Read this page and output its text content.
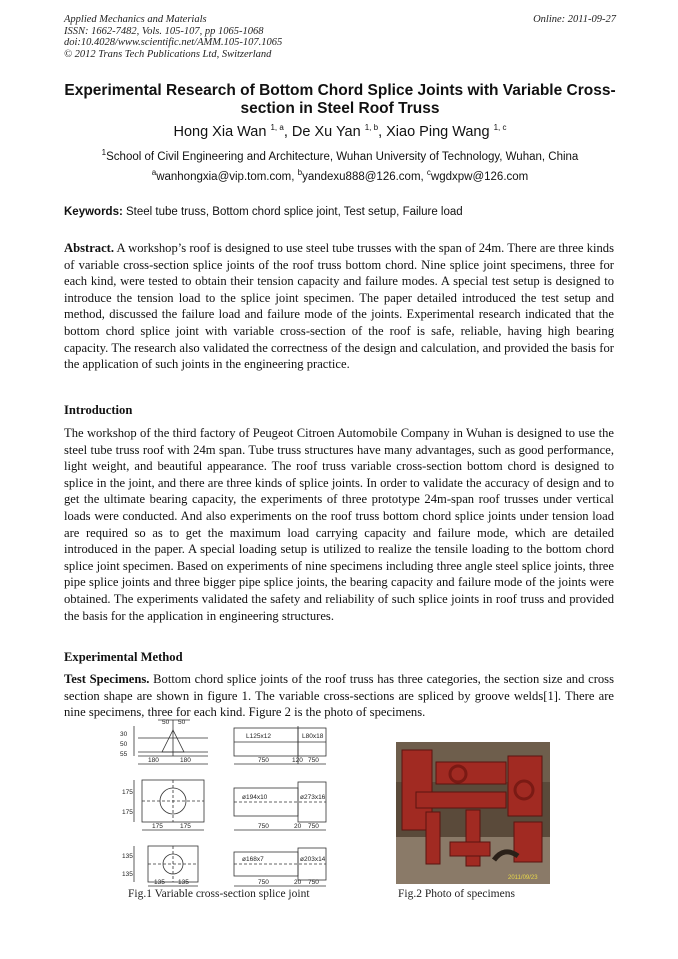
Applied Mechanics and Materials
ISSN: 1662-7482, Vols. 105-107, pp 1065-1068
doi:10.4028/www.scientific.net/AMM.105-107.1065
© 2012 Trans Tech Publications Ltd, Switzerland
Online: 2011-09-27
Experimental Research of Bottom Chord Splice Joints with Variable Cross-section in Steel Roof Truss
Hong Xia Wan $^{1, a}$, De Xu Yan $^{1, b}$, Xiao Ping Wang $^{1, c}$
$^1$School of Civil Engineering and Architecture, Wuhan University of Technology, Wuhan, China
$^a$wanhongxia@vip.tom.com, $^b$yandexu888@126.com, $^c$wgdxpw@126.com
Keywords: Steel tube truss, Bottom chord splice joint, Test setup, Failure load
Abstract. A workshop’s roof is designed to use steel tube trusses with the span of 24m. There are three kinds of variable cross-section splice joints of the roof truss bottom chord. Nine splice joint specimens, three for each kind, were tested to obtain their tension capacity and failure modes. A special test setup is designed to introduce the tension load to the splice joint specimen. The paper detailed introduced the test setup and method, discussed the failure load and failure mode of the joints. Experimental research indicated that the bottom chord splice joint with variable cross-section of the roof is safe, reliable, having high bearing capacity. The research also validated the correctness of the design and calculation, and provided the basis for the application of such joints in the engineering practice.
Introduction
The workshop of the third factory of Peugeot Citroen Automobile Company in Wuhan is designed to use the steel tube truss roof with 24m span. Tube truss structures have many advantages, such as good performance, light weight, and beautiful appearance. The roof truss variable cross-section bottom chord is designed to splice in the joint, and there are three kinds of splice joints. In order to validate the accuracy of design and to get the ultimate bearing capacity, the experiments of three prototype 24m-span roof trusses under vertical loads were conducted. And also experiments on the roof truss bottom chord splice joints under tension load are required so as to get the maximum load carrying capacity and failure mode, which are detailed introduced in the paper. A special loading setup is utilized to realize the tensile loading to the bottom chord splice joint specimen. Based on experiments of nine specimens including three angle steel splice joints, three pipe splice joints and three bigger pipe splice joints, the bearing capacity and failure mode of the joints were obtained. The experiments validated the safety and reliability of such splice joints in roof truss and provided the basis for the application in engineering structures.
Experimental Method
Test Specimens. Bottom chord splice joints of the roof truss has three categories, the section size and cross section shape are shown in figure 1. The variable cross-sections are spliced by groove welds[1]. There are nine specimens, three for each kind. Figure 2 is the photo of specimens.
50 50
55
50
30
180	180
L125x12	L80x18
750	120 750
175
175
175	175
ø194x10	ø273x16
750	20 750
135
135
135 135
ø168x7	ø203x14
750	20 750
2011/09/23
Fig.1 Variable cross-section splice joint	Fig.2 Photo of specimens
